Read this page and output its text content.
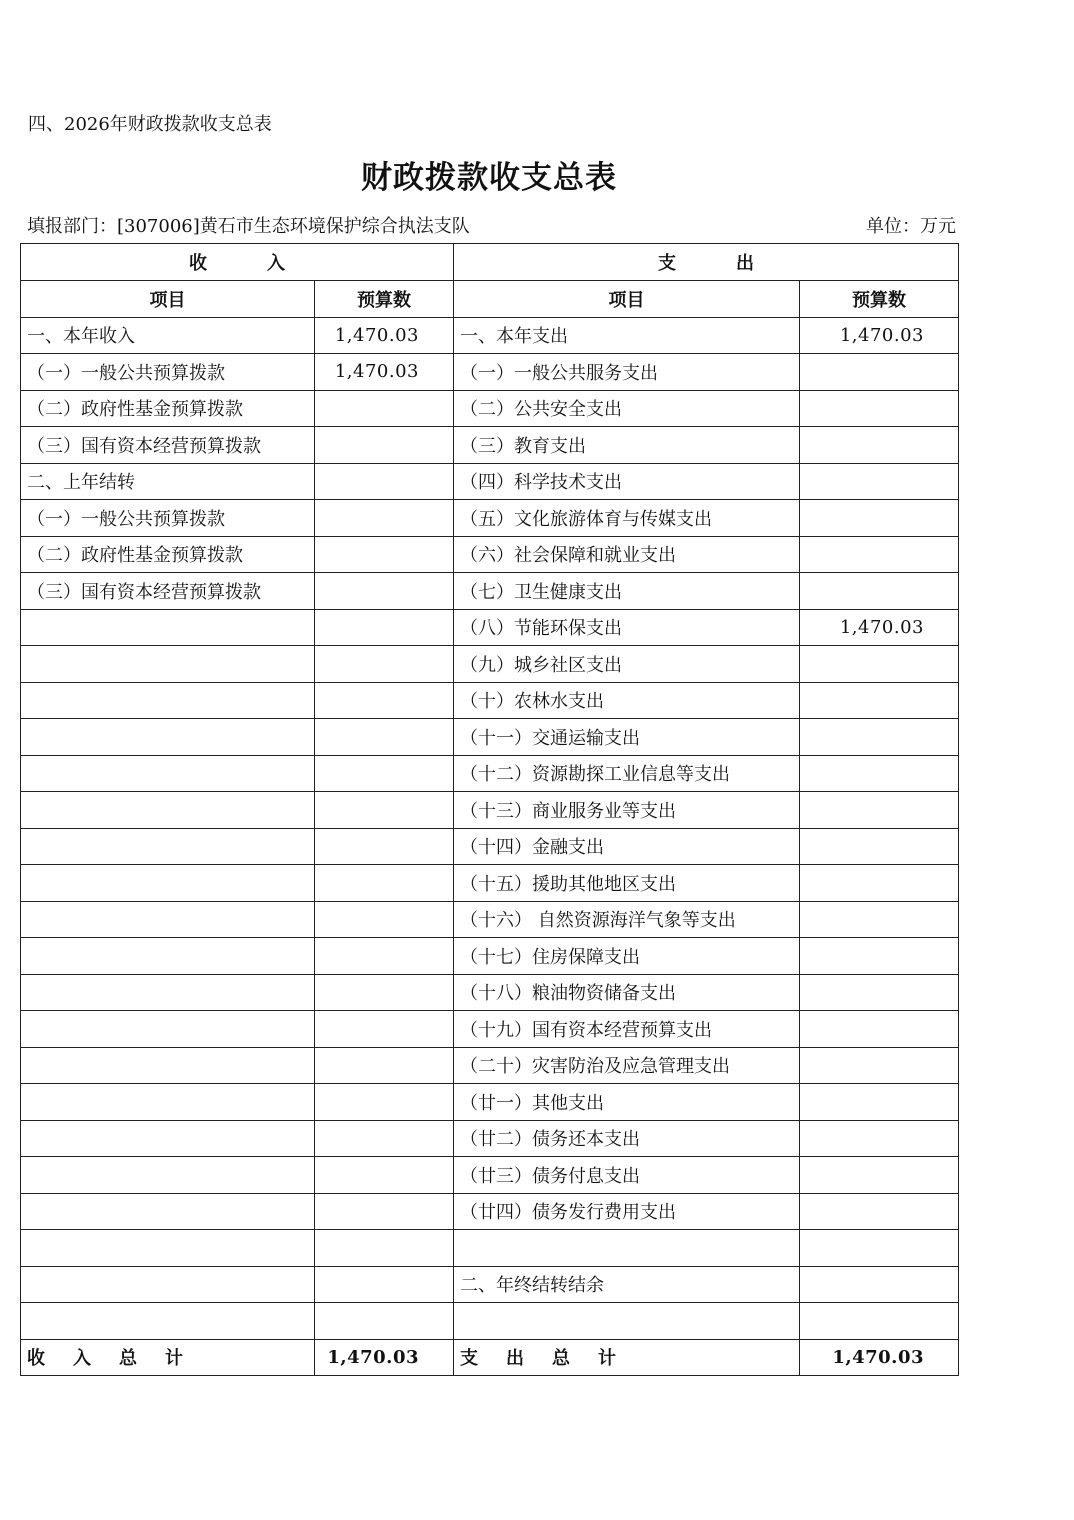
四、2026年财政拨款收支总表
财政拨款收支总表
填报部门：[307006]黄石市生态环境保护综合执法支队	单位：万元
收入		支出	
项目	预算数	项目	预算数
一、本年收入	1,470.03	一、本年支出	1,470.03
（一）一般公共预算拨款	1,470.03	（一）一般公共服务支出	
（二）政府性基金预算拨款		（二）公共安全支出	
（三）国有资本经营预算拨款		（三）教育支出	
二、上年结转		（四）科学技术支出	
（一）一般公共预算拨款		（五）文化旅游体育与传媒支出	
（二）政府性基金预算拨款		（六）社会保障和就业支出	
（三）国有资本经营预算拨款		（七）卫生健康支出	
		（八）节能环保支出	1,470.03
		（九）城乡社区支出	
		（十）农林水支出	
		（十一）交通运输支出	
		（十二）资源勘探工业信息等支出	
		（十三）商业服务业等支出	
		（十四）金融支出	
		（十五）援助其他地区支出	
		（十六） 自然资源海洋气象等支出	
		（十七）住房保障支出	
		（十八）粮油物资储备支出	
		（十九）国有资本经营预算支出	
		（二十）灾害防治及应急管理支出	
		（廿一）其他支出	
		（廿二）债务还本支出	
		（廿三）债务付息支出	
		（廿四）债务发行费用支出	

		二、年终结转结余	

收入总计	1,470.03	支出总计	1,470.03
